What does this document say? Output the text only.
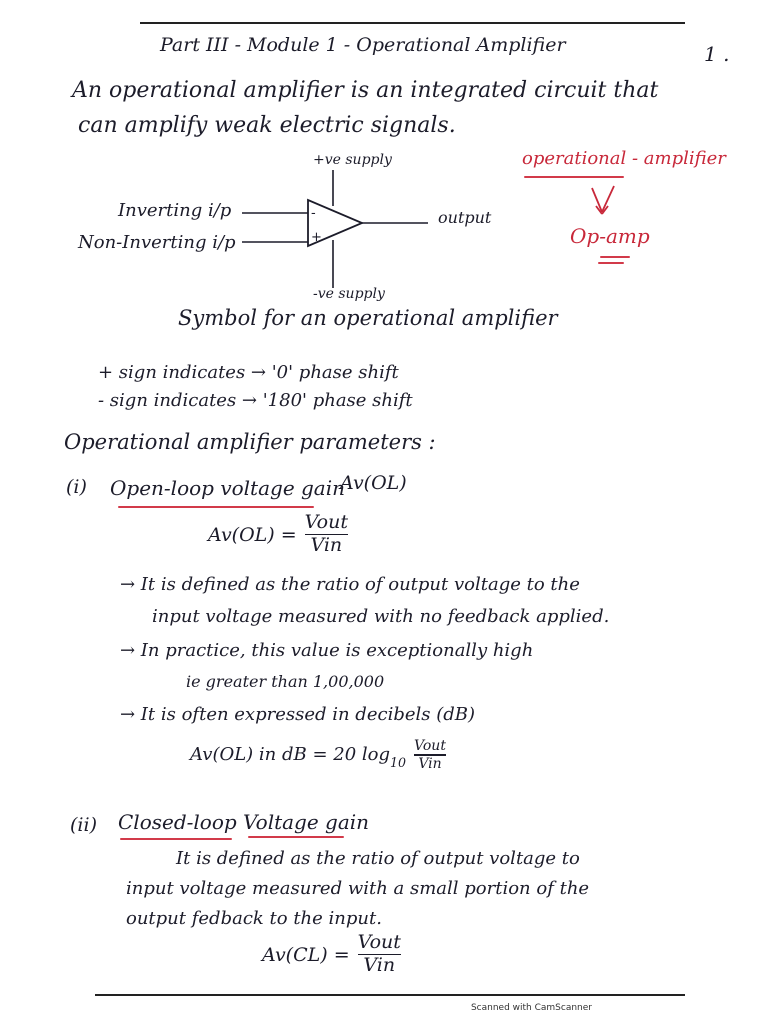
Part III - Module 1 - Operational Amplifier	1 .
An operational amplifier is an integrated circuit that
can amplify weak electric signals.
-
+
+ve supply
Inverting i/p
Non-Inverting i/p
output
-ve supply
Symbol for an operational amplifier
operational - amplifier
Op-amp
+ sign indicates → '0' phase shift
- sign indicates → '180' phase shift
Operational amplifier parameters :
(i) Open-loop voltage gain
Av(OL)
Av(OL) =
Vout
Vin
→ It is defined as the ratio of output voltage to the
input voltage measured with no feedback applied.
→ In practice, this value is exceptionally high
ie greater than 1,00,000
→ It is often expressed in decibels (dB)
Av(OL) in dB = 20 $\log_{10}$
Vout
Vin
(ii) Closed-loop Voltage gain
It is defined as the ratio of output voltage to
input voltage measured with a small portion of the
output fedback to the input.
Av(CL) =
Vout
Vin
Scanned with CamScanner
